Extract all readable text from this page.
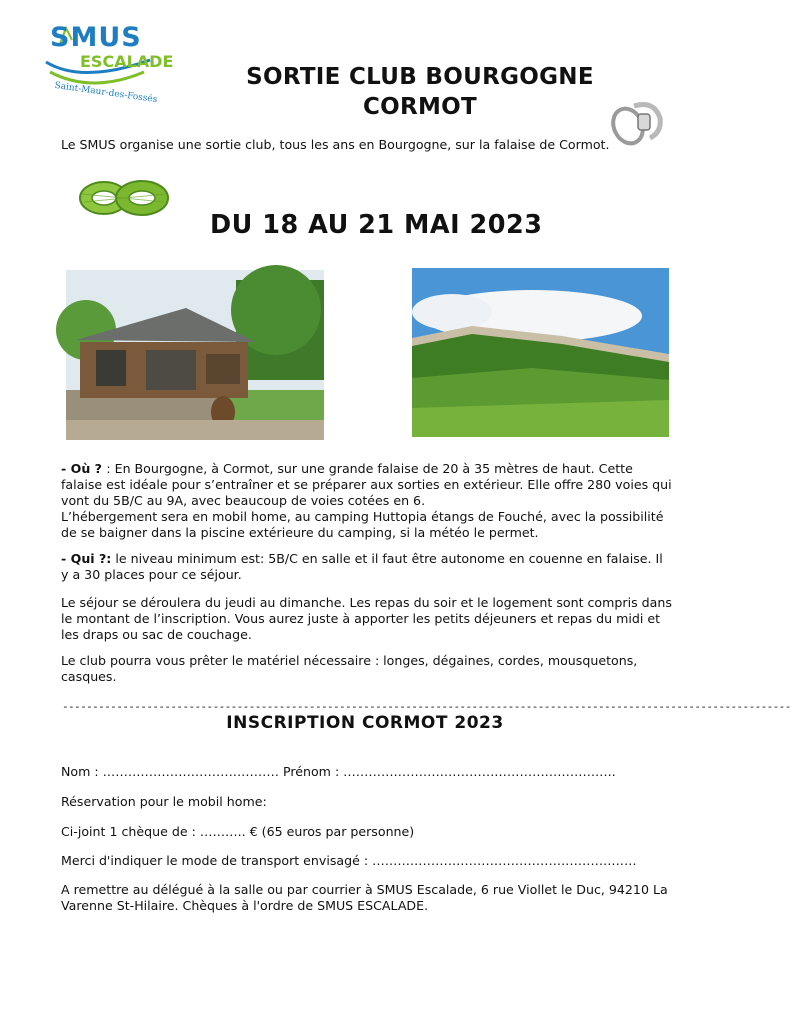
SMUS
ESCALADE
Saint-Maur-des-Fossés
SORTIE CLUB BOURGOGNE
CORMOT
Le SMUS organise une sortie club, tous les ans en Bourgogne, sur la falaise de Cormot.
DU 18 AU 21 MAI 2023
- Où ? : En Bourgogne, à Cormot, sur une grande falaise de 20 à 35 mètres de haut. Cette falaise est idéale pour s’entraîner et se préparer aux sorties en extérieur. Elle offre 280 voies qui vont du 5B/C au 9A, avec beaucoup de voies cotées en 6.
L’hébergement sera en mobil home, au camping Huttopia étangs de Fouché, avec la possibilité de se baigner dans la piscine extérieure du camping, si la météo le permet.
- Qui ?: le niveau minimum est: 5B/C en salle et il faut être autonome en couenne en falaise. Il y a 30 places pour ce séjour.
Le séjour se déroulera du jeudi au dimanche. Les repas du soir et le logement sont compris dans le montant de l’inscription. Vous aurez juste à apporter les petits déjeuners et repas du midi et les draps ou sac de couchage.
Le club pourra vous prêter le matériel nécessaire : longes, dégaines, cordes, mousquetons, casques.
-------------------------------------------------------------------------------------------------------------------------
INSCRIPTION CORMOT 2023
Nom : …………………………………… Prénom : ………………………………………………………..
Réservation pour le mobil home:
Ci-joint 1 chèque de : ……….. € (65 euros par personne)
Merci d'indiquer le mode de transport envisagé : ………………………………………………………
A remettre au délégué à la salle ou par courrier à SMUS Escalade, 6 rue Viollet le Duc, 94210 La Varenne St-Hilaire. Chèques à l'ordre de SMUS ESCALADE.
